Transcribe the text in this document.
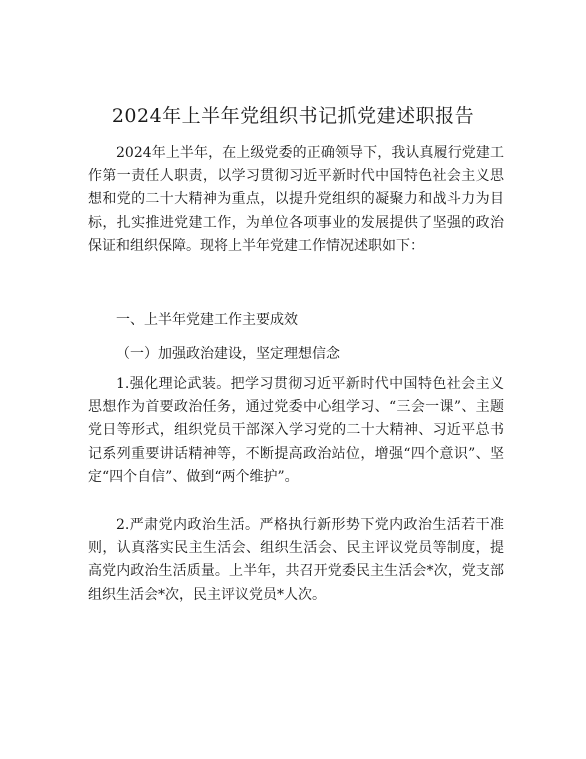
2024年上半年党组织书记抓党建述职报告

2024年上半年，在上级党委的正确领导下，我认真履行党建工作第一责任人职责，以学习贯彻习近平新时代中国特色社会主义思想和党的二十大精神为重点，以提升党组织的凝聚力和战斗力为目标，扎实推进党建工作，为单位各项事业的发展提供了坚强的政治保证和组织保障。现将上半年党建工作情况述职如下：

一、上半年党建工作主要成效

（一）加强政治建设，坚定理想信念

1.强化理论武装。把学习贯彻习近平新时代中国特色社会主义思想作为首要政治任务，通过党委中心组学习、“三会一课”、主题党日等形式，组织党员干部深入学习党的二十大精神、习近平总书记系列重要讲话精神等，不断提高政治站位，增强“四个意识”、坚定“四个自信”、做到“两个维护”。

2.严肃党内政治生活。严格执行新形势下党内政治生活若干准则，认真落实民主生活会、组织生活会、民主评议党员等制度，提高党内政治生活质量。上半年，共召开党委民主生活会*次，党支部组织生活会*次，民主评议党员*人次。
